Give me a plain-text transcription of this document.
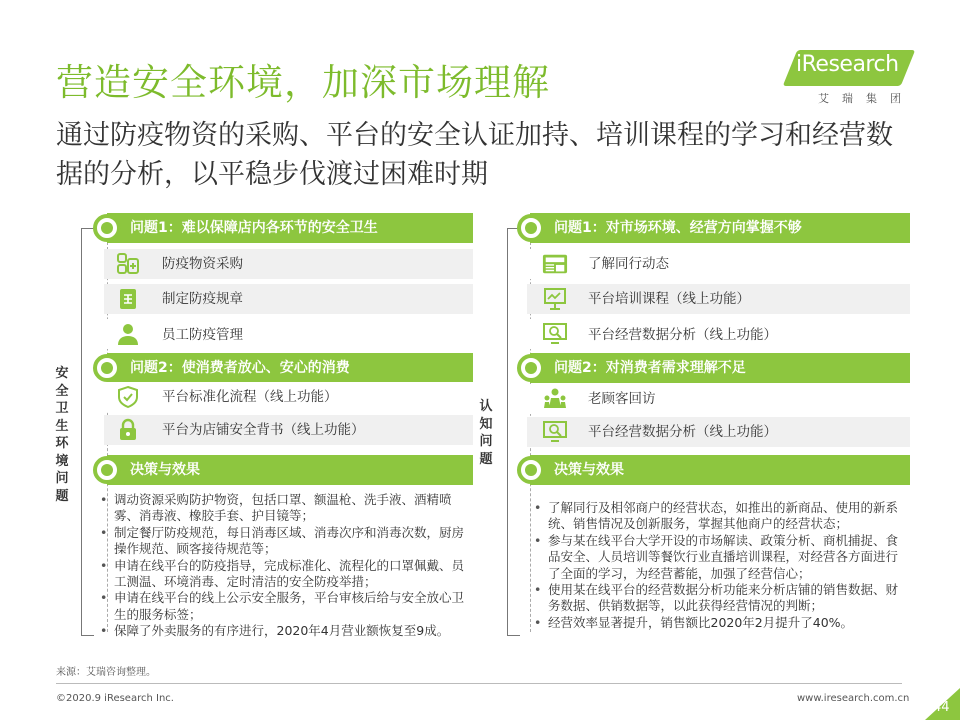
营造安全环境，加深市场理解
通过防疫物资的采购、平台的安全认证加持、培训课程的学习和经营数据的分析，以平稳步伐渡过困难时期
iResearch
艾瑞集团
安
全
卫
生
环
境
问
题
问题1：难以保障店内各环节的安全卫生
防疫物资采购
制定防疫规章
员工防疫管理
问题2：使消费者放心、安心的消费
平台标准化流程（线上功能）
平台为店铺安全背书（线上功能）
决策与效果
• 调动资源采购防护物资，包括口罩、额温枪、洗手液、酒精喷雾、消毒液、橡胶手套、护目镜等；
• 制定餐厅防疫规范，每日消毒区域、消毒次序和消毒次数，厨房操作规范、顾客接待规范等；
• 申请在线平台的防疫指导，完成标准化、流程化的口罩佩戴、员工测温、环境消毒、定时清洁的安全防疫举措；
• 申请在线平台的线上公示安全服务，平台审核后给与安全放心卫生的服务标签；
• 保障了外卖服务的有序进行，2020年4月营业额恢复至9成。
认
知
问
题
问题1：对市场环境、经营方向掌握不够
了解同行动态
平台培训课程（线上功能）
平台经营数据分析（线上功能）
问题2：对消费者需求理解不足
老顾客回访
平台经营数据分析（线上功能）
决策与效果
• 了解同行及相邻商户的经营状态，如推出的新商品、使用的新系统、销售情况及创新服务，掌握其他商户的经营状态；
• 参与某在线平台大学开设的市场解读、政策分析、商机捕捉、食品安全、人员培训等餐饮行业直播培训课程，对经营各方面进行了全面的学习，为经营蓄能，加强了经营信心；
• 使用某在线平台的经营数据分析功能来分析店铺的销售数据、财务数据、供销数据等，以此获得经营情况的判断；
• 经营效率显著提升，销售额比2020年2月提升了40%。
来源：艾瑞咨询整理。
©2020.9 iResearch Inc.	www.iresearch.com.cn
44
